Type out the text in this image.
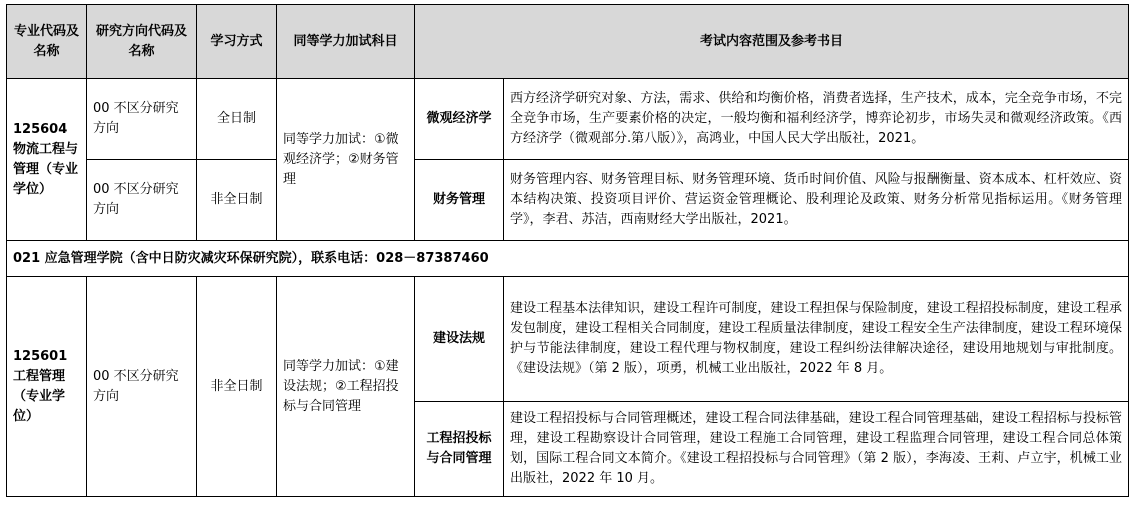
专业代码及名称	研究方向代码及名称	学习方式	同等学力加试科目	考试内容范围及参考书目	
125604 物流工程与管理（专业学位）	00 不区分研究方向	全日制	同等学力加试：①微观经济学；②财务管理	微观经济学	西方经济学研究对象、方法，需求、供给和均衡价格，消费者选择，生产技术，成本，完全竞争市场，不完全竞争市场，生产要素价格的决定，一般均衡和福利经济学，博弈论初步，市场失灵和微观经济政策。《西方经济学（微观部分.第八版）》，高鸿业，中国人民大学出版社，2021。
	00 不区分研究方向	非全日制		财务管理	财务管理内容、财务管理目标、财务管理环境、货币时间价值、风险与报酬衡量、资本成本、杠杆效应、资本结构决策、投资项目评价、营运资金管理概论、股利理论及政策、财务分析常见指标运用。《财务管理学》，李君、苏洁，西南财经大学出版社，2021。
021 应急管理学院（含中日防灾减灾环保研究院），联系电话：028－87387460					
125601 工程管理（专业学位）	00 不区分研究方向	非全日制	同等学力加试：①建设法规；②工程招投标与合同管理	建设法规	建设工程基本法律知识，建设工程许可制度，建设工程担保与保险制度，建设工程招投标制度，建设工程承发包制度，建设工程相关合同制度，建设工程质量法律制度，建设工程安全生产法律制度，建设工程环境保护与节能法律制度，建设工程代理与物权制度，建设工程纠纷法律解决途径，建设用地规划与审批制度。《建设法规》（第 2 版），项勇，机械工业出版社，2022 年 8 月。
				工程招投标与合同管理	建设工程招投标与合同管理概述，建设工程合同法律基础，建设工程合同管理基础，建设工程招标与投标管理，建设工程勘察设计合同管理，建设工程施工合同管理，建设工程监理合同管理，建设工程合同总体策划，国际工程合同文本简介。《建设工程招投标与合同管理》（第 2 版），李海凌、王莉、卢立宇，机械工业出版社，2022 年 10 月。
